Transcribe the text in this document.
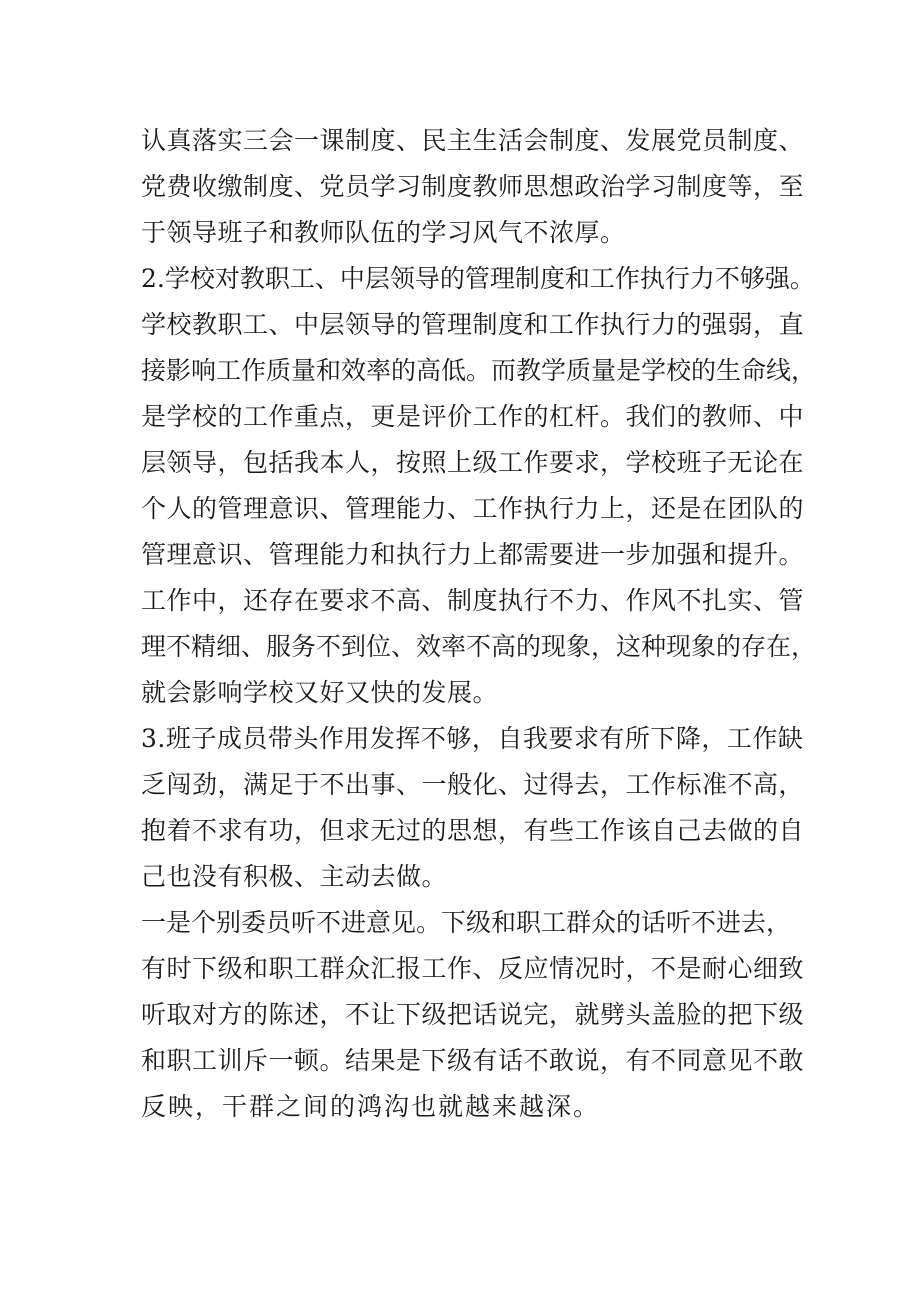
认真落实三会一课制度、民主生活会制度、发展党员制度、
党费收缴制度、党员学习制度教师思想政治学习制度等，至
于领导班子和教师队伍的学习风气不浓厚。
2.学校对教职工、中层领导的管理制度和工作执行力不够强。
学校教职工、中层领导的管理制度和工作执行力的强弱，直
接影响工作质量和效率的高低。而教学质量是学校的生命线，
是学校的工作重点，更是评价工作的杠杆。我们的教师、中
层领导，包括我本人，按照上级工作要求，学校班子无论在
个人的管理意识、管理能力、工作执行力上，还是在团队的
管理意识、管理能力和执行力上都需要进一步加强和提升。
工作中，还存在要求不高、制度执行不力、作风不扎实、管
理不精细、服务不到位、效率不高的现象，这种现象的存在，
就会影响学校又好又快的发展。
3.班子成员带头作用发挥不够，自我要求有所下降，工作缺
乏闯劲，满足于不出事、一般化、过得去，工作标准不高，
抱着不求有功，但求无过的思想，有些工作该自己去做的自
己也没有积极、主动去做。
一是个别委员听不进意见。下级和职工群众的话听不进去，
有时下级和职工群众汇报工作、反应情况时，不是耐心细致
听取对方的陈述，不让下级把话说完，就劈头盖脸的把下级
和职工训斥一顿。结果是下级有话不敢说，有不同意见不敢
反映，干群之间的鸿沟也就越来越深。
